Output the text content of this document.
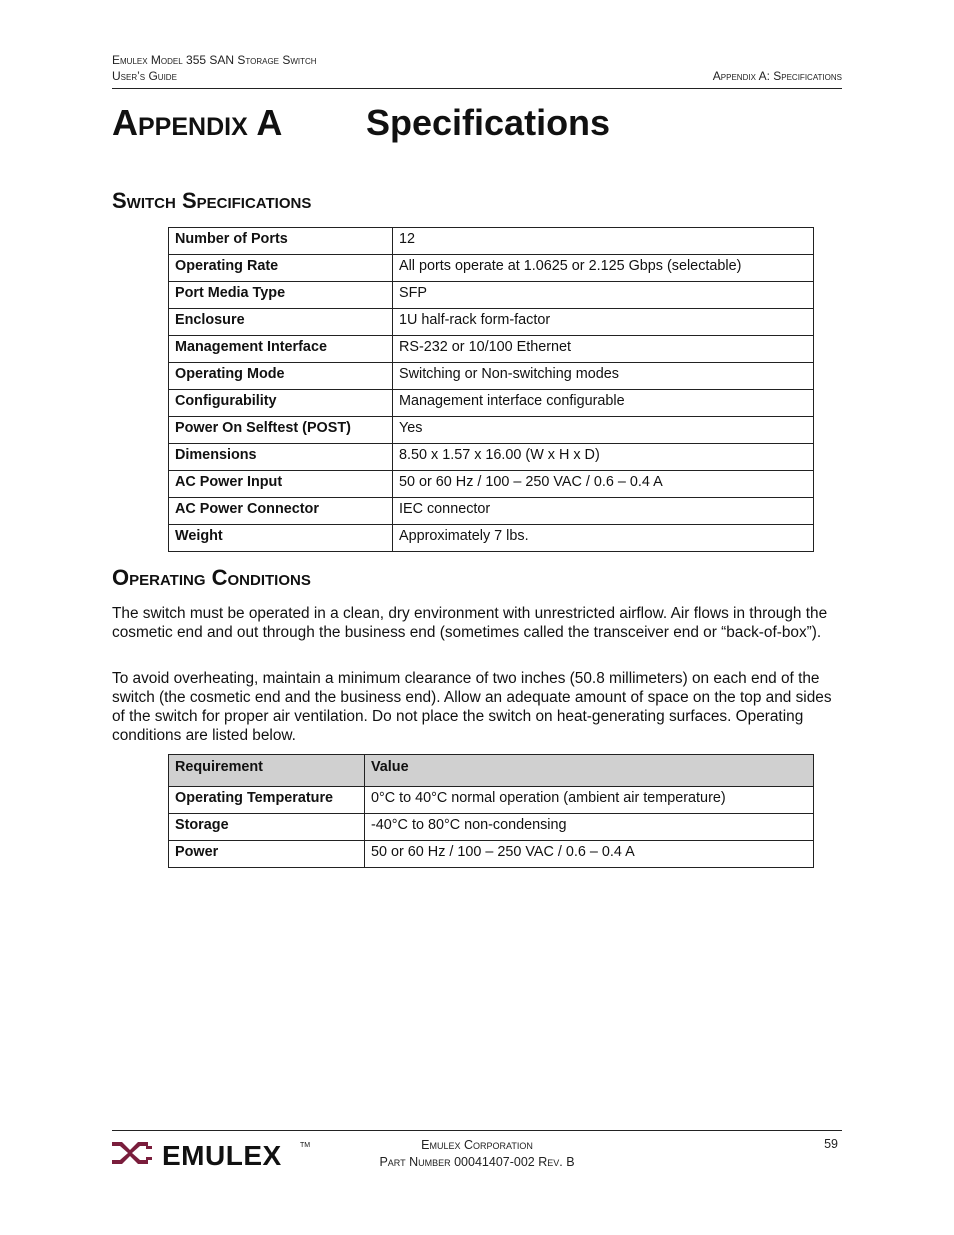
Emulex Model 355 SAN Storage Switch
User’s Guide	Appendix A: Specifications
Appendix A Specifications
Switch Specifications
Number of Ports	12
Operating Rate	All ports operate at 1.0625 or 2.125 Gbps (selectable)
Port Media Type	SFP
Enclosure	1U half-rack form-factor
Management Interface	RS-232 or 10/100 Ethernet
Operating Mode	Switching or Non-switching modes
Configurability	Management interface configurable
Power On Selftest (POST)	Yes
Dimensions	8.50 x 1.57 x 16.00 (W x H x D)
AC Power Input	50 or 60 Hz / 100 – 250 VAC / 0.6 – 0.4 A
AC Power Connector	IEC connector
Weight	Approximately 7 lbs.
Operating Conditions

The switch must be operated in a clean, dry environment with unrestricted airflow. Air flows in through the cosmetic end and out through the business end (sometimes called the transceiver end or “back-of-box”).

To avoid overheating, maintain a minimum clearance of two inches (50.8 millimeters) on each end of the switch (the cosmetic end and the business end). Allow an adequate amount of space on the top and sides of the switch for proper air ventilation. Do not place the switch on heat-generating surfaces. Operating conditions are listed below.

Requirement	Value
Operating Temperature	0°C to 40°C normal operation (ambient air temperature)
Storage	-40°C to 80°C non-condensing
Power	50 or 60 Hz / 100 – 250 VAC / 0.6 – 0.4 A
EMULEX	TM	Emulex Corporation
Part Number 00041407-002 Rev. B
59
